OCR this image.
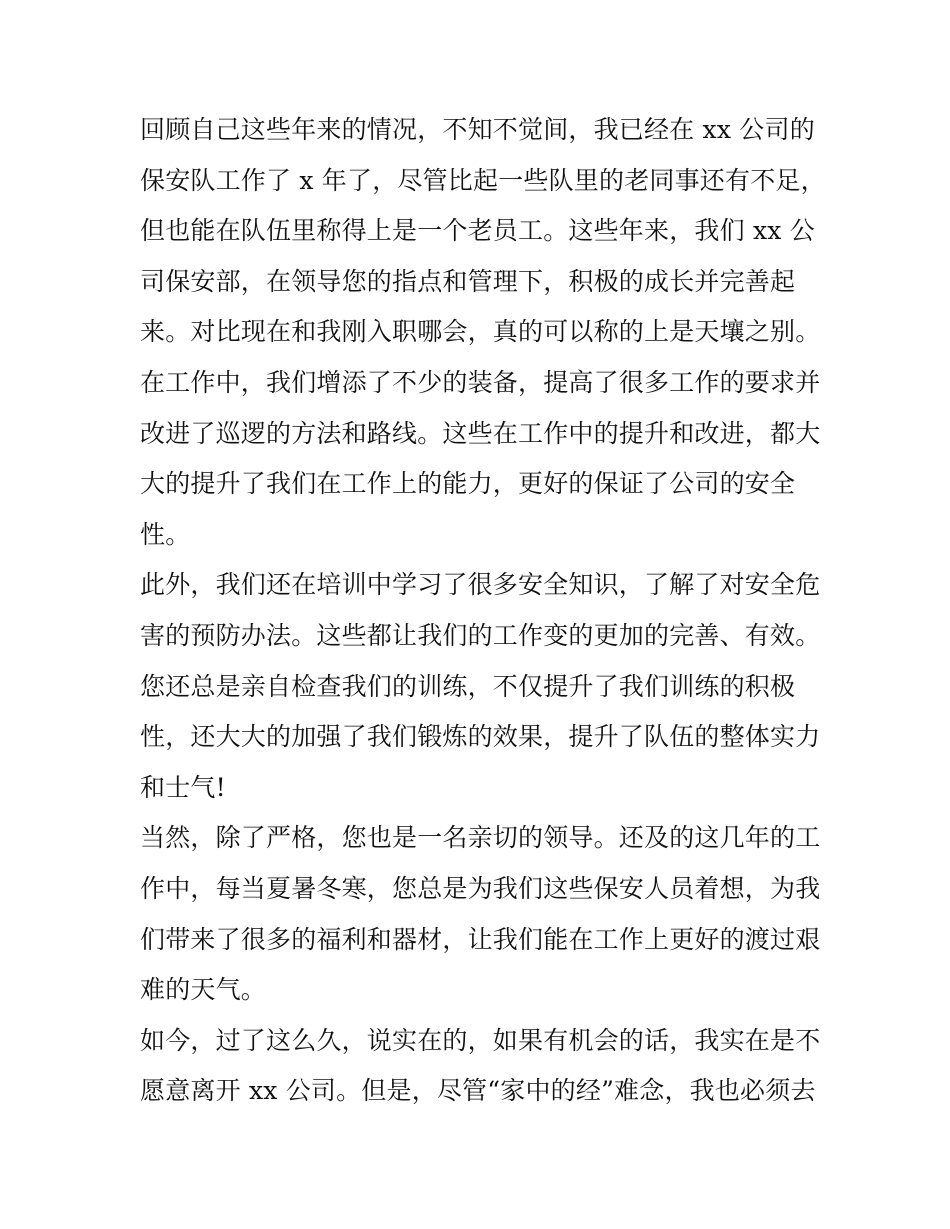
回顾自己这些年来的情况，不知不觉间，我已经在 xx 公司的
保安队工作了 x 年了，尽管比起一些队里的老同事还有不足，
但也能在队伍里称得上是一个老员工。这些年来，我们 xx 公
司保安部，在领导您的指点和管理下，积极的成长并完善起
来。对比现在和我刚入职哪会，真的可以称的上是天壤之别。
在工作中，我们增添了不少的装备，提高了很多工作的要求并
改进了巡逻的方法和路线。这些在工作中的提升和改进，都大
大的提升了我们在工作上的能力，更好的保证了公司的安全
性。
此外，我们还在培训中学习了很多安全知识，了解了对安全危
害的预防办法。这些都让我们的工作变的更加的完善、有效。
您还总是亲自检查我们的训练，不仅提升了我们训练的积极
性，还大大的加强了我们锻炼的效果，提升了队伍的整体实力
和士气!
当然，除了严格，您也是一名亲切的领导。还及的这几年的工
作中，每当夏暑冬寒，您总是为我们这些保安人员着想，为我
们带来了很多的福利和器材，让我们能在工作上更好的渡过艰
难的天气。
如今，过了这么久，说实在的，如果有机会的话，我实在是不
愿意离开 xx 公司。但是，尽管“家中的经”难念，我也必须去
